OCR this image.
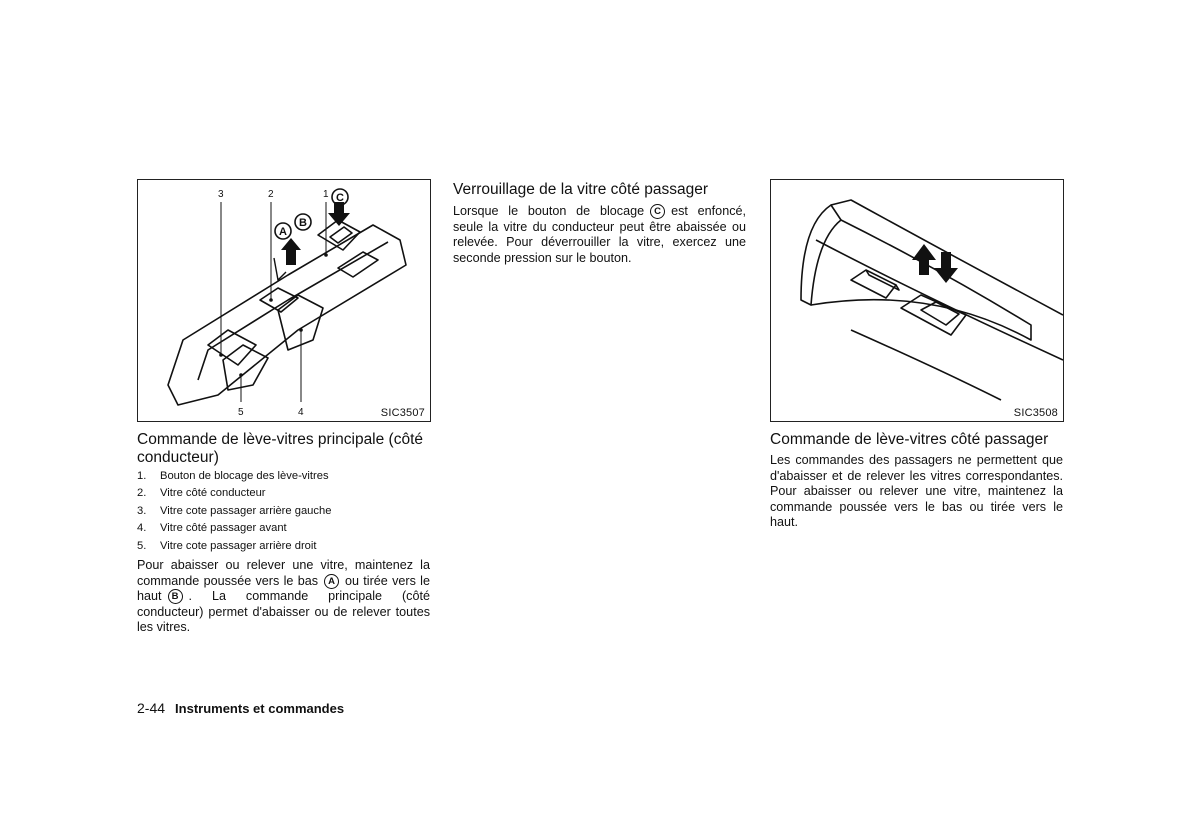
3	2	1
5	4
A
B
C
SIC3507
Commande de lève-vitres principale (côté conducteur)
1. Bouton de blocage des lève-vitres
2. Vitre côté conducteur
3. Vitre cote passager arrière gauche
4. Vitre côté passager avant
5. Vitre cote passager arrière droit
Pour abaisser ou relever une vitre, maintenez la commande poussée vers le bas A ou tirée vers le haut B . La commande principale (côté conducteur) permet d'abaisser ou de relever toutes les vitres.
Verrouillage de la vitre côté passager
Lorsque le bouton de blocage C est enfoncé, seule la vitre du conducteur peut être abaissée ou relevée. Pour déverrouiller la vitre, exercez une seconde pression sur le bouton.
SIC3508
Commande de lève-vitres côté passager
Les commandes des passagers ne permettent que d'abaisser et de relever les vitres correspondantes. Pour abaisser ou relever une vitre, maintenez la commande poussée vers le bas ou tirée vers le haut.
2-44 Instruments et commandes
